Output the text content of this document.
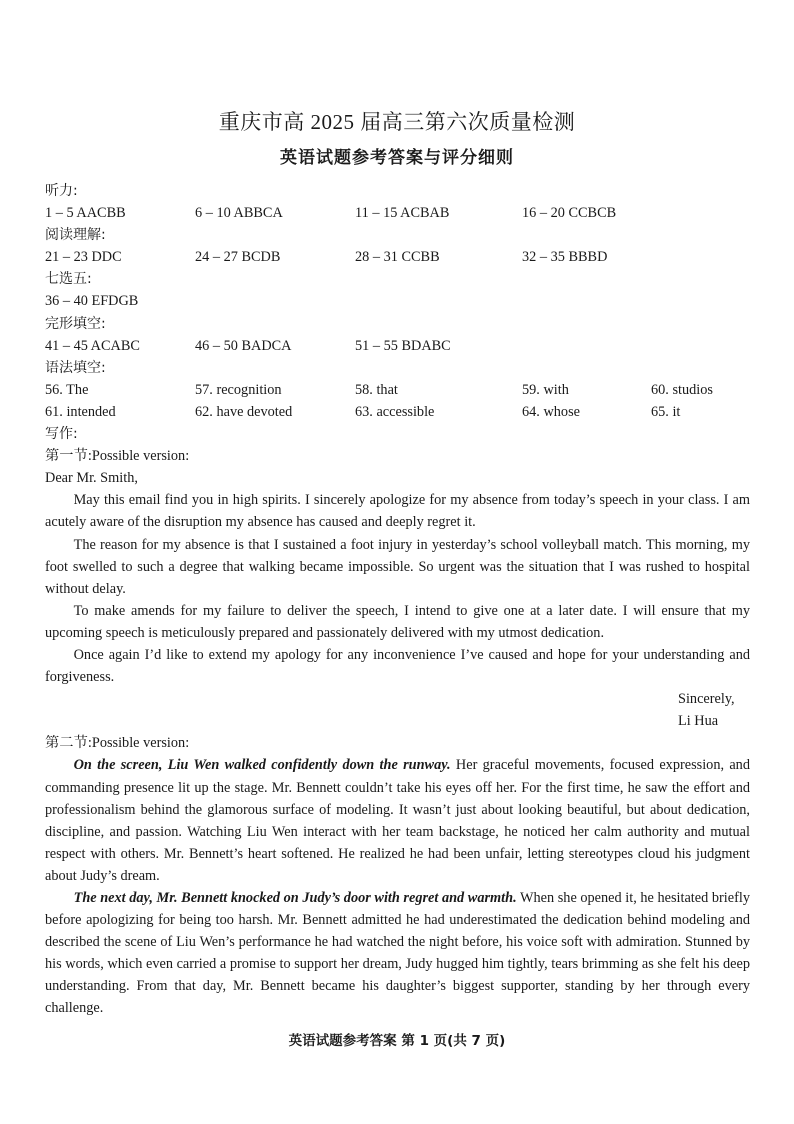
重庆市高 2025 届高三第六次质量检测
英语试题参考答案与评分细则
听力:
1 – 5 AACBB	6 – 10 ABBCA	11 – 15 ACBAB	16 – 20 CCBCB
阅读理解:
21 – 23 DDC	24 – 27 BCDB	28 – 31 CCBB	32 – 35 BBBD
七选五:
36 – 40 EFDGB
完形填空:
41 – 45 ACABC	46 – 50 BADCA	51 – 55 BDABC
语法填空:
56. The	57. recognition	58. that	59. with	60. studios
61. intended	62. have devoted	63. accessible	64. whose	65. it
写作:
第一节:Possible version:
Dear Mr. Smith,

May this email find you in high spirits. I sincerely apologize for my absence from today’s speech in your class. I am acutely aware of the disruption my absence has caused and deeply regret it.

The reason for my absence is that I sustained a foot injury in yesterday’s school volleyball match. This morning, my foot swelled to such a degree that walking became impossible. So urgent was the situation that I was rushed to hospital without delay.

To make amends for my failure to deliver the speech, I intend to give one at a later date. I will ensure that my upcoming speech is meticulously prepared and passionately delivered with my utmost dedication.

Once again I’d like to extend my apology for any inconvenience I’ve caused and hope for your understanding and forgiveness.

Sincerely,
Li Hua
第二节:Possible version:

On the screen, Liu Wen walked confidently down the runway. Her graceful movements, focused expression, and commanding presence lit up the stage. Mr. Bennett couldn’t take his eyes off her. For the first time, he saw the effort and professionalism behind the glamorous surface of modeling. It wasn’t just about looking beautiful, but about dedication, discipline, and passion. Watching Liu Wen interact with her team backstage, he noticed her calm authority and mutual respect with others. Mr. Bennett’s heart softened. He realized he had been unfair, letting stereotypes cloud his judgment about Judy’s dream.

The next day, Mr. Bennett knocked on Judy’s door with regret and warmth. When she opened it, he hesitated briefly before apologizing for being too harsh. Mr. Bennett admitted he had underestimated the dedication behind modeling and described the scene of Liu Wen’s performance he had watched the night before, his voice soft with admiration. Stunned by his words, which even carried a promise to support her dream, Judy hugged him tightly, tears brimming as she felt his deep understanding. From that day, Mr. Bennett became his daughter’s biggest supporter, standing by her through every challenge.

英语试题参考答案 第 1 页(共 7 页)
